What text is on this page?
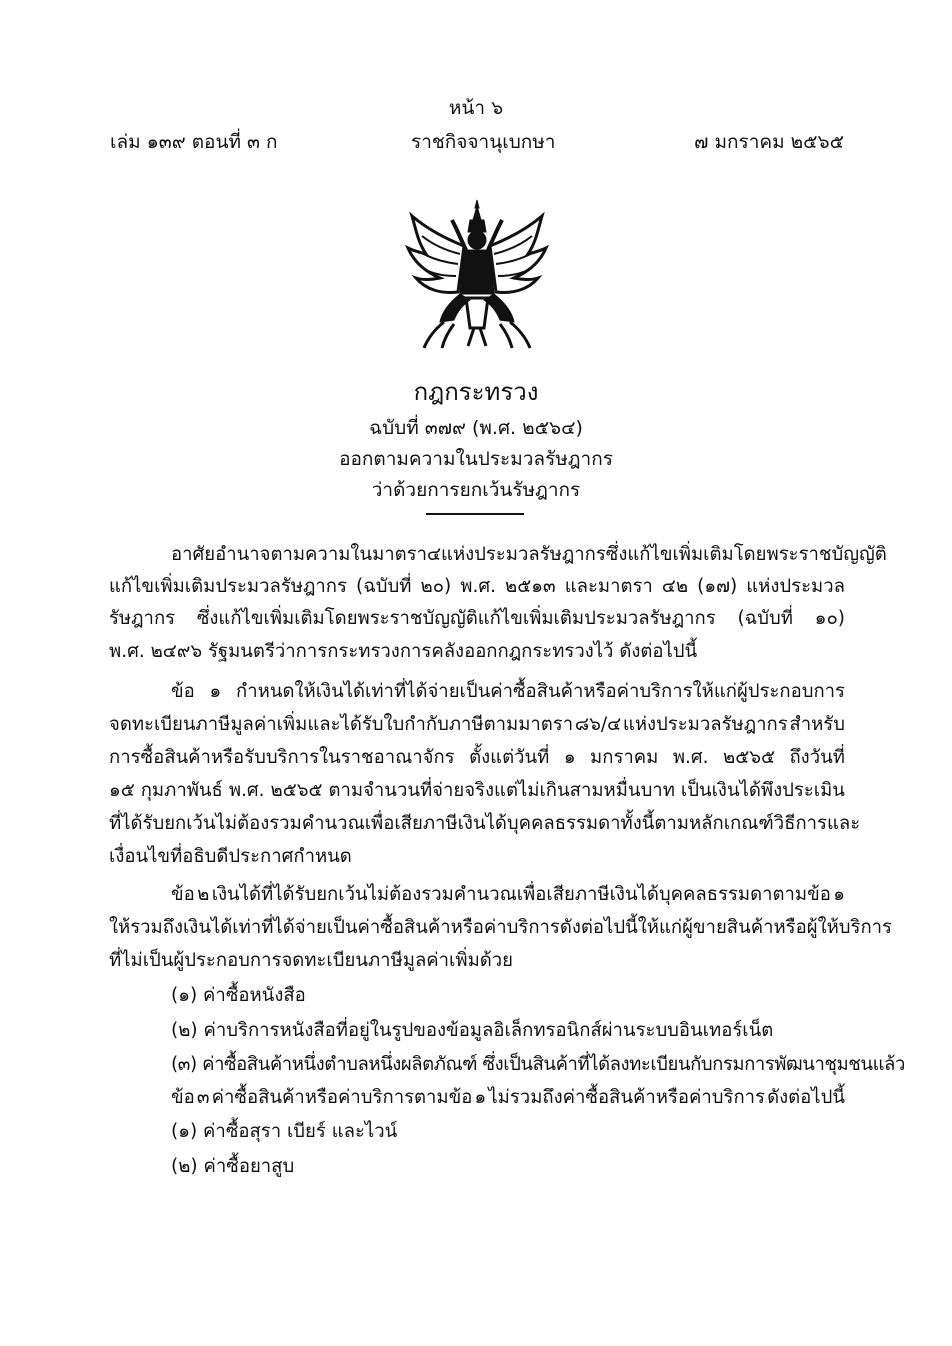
หน้า ๖
เล่ม ๑๓๙ ตอนที่ ๓ ก	ราชกิจจานุเบกษา	๗ มกราคม ๒๕๖๕
กฎกระทรวง
ฉบับที่ ๓๗๙ (พ.ศ. ๒๕๖๔)
ออกตามความในประมวลรัษฎากร
ว่าด้วยการยกเว้นรัษฎากร
อาศัยอำนาจตามความในมาตรา ๔ แห่งประมวลรัษฎากร ซึ่งแก้ไขเพิ่มเติมโดยพระราชบัญญัติ
แก้ไขเพิ่มเติมประมวลรัษฎากร (ฉบับที่ ๒๐) พ.ศ. ๒๕๑๓ และมาตรา ๔๒ (๑๗) แห่งประมวล
รัษฎากร ซึ่งแก้ไขเพิ่มเติมโดยพระราชบัญญัติแก้ไขเพิ่มเติมประมวลรัษฎากร (ฉบับที่ ๑๐)
พ.ศ. ๒๔๙๖ รัฐมนตรีว่าการกระทรวงการคลังออกกฎกระทรวงไว้ ดังต่อไปนี้
ข้อ ๑ กำหนดให้เงินได้เท่าที่ได้จ่ายเป็นค่าซื้อสินค้าหรือค่าบริการให้แก่ผู้ประกอบการ
จดทะเบียนภาษีมูลค่าเพิ่มและได้รับใบกำกับภาษีตามมาตรา ๘๖/๔ แห่งประมวลรัษฎากร สำหรับ
การซื้อสินค้าหรือรับบริการในราชอาณาจักร ตั้งแต่วันที่ ๑ มกราคม พ.ศ. ๒๕๖๕ ถึงวันที่
๑๕ กุมภาพันธ์ พ.ศ. ๒๕๖๕ ตามจำนวนที่จ่ายจริงแต่ไม่เกินสามหมื่นบาท เป็นเงินได้พึงประเมิน
ที่ได้รับยกเว้นไม่ต้องรวมคำนวณเพื่อเสียภาษีเงินได้บุคคลธรรมดา ทั้งนี้ ตามหลักเกณฑ์ วิธีการ และ
เงื่อนไขที่อธิบดีประกาศกำหนด
ข้อ ๒ เงินได้ที่ได้รับยกเว้นไม่ต้องรวมคำนวณเพื่อเสียภาษีเงินได้บุคคลธรรมดาตามข้อ ๑
ให้รวมถึงเงินได้เท่าที่ได้จ่ายเป็นค่าซื้อสินค้าหรือค่าบริการดังต่อไปนี้ให้แก่ผู้ขายสินค้าหรือผู้ให้บริการ
ที่ไม่เป็นผู้ประกอบการจดทะเบียนภาษีมูลค่าเพิ่มด้วย
(๑) ค่าซื้อหนังสือ
(๒) ค่าบริการหนังสือที่อยู่ในรูปของข้อมูลอิเล็กทรอนิกส์ผ่านระบบอินเทอร์เน็ต
(๓) ค่าซื้อสินค้าหนึ่งตำบลหนึ่งผลิตภัณฑ์ ซึ่งเป็นสินค้าที่ได้ลงทะเบียนกับกรมการพัฒนาชุมชนแล้ว
ข้อ ๓ ค่าซื้อสินค้าหรือค่าบริการตามข้อ ๑ ไม่รวมถึงค่าซื้อสินค้าหรือค่าบริการ ดังต่อไปนี้
(๑) ค่าซื้อสุรา เบียร์ และไวน์
(๒) ค่าซื้อยาสูบ
